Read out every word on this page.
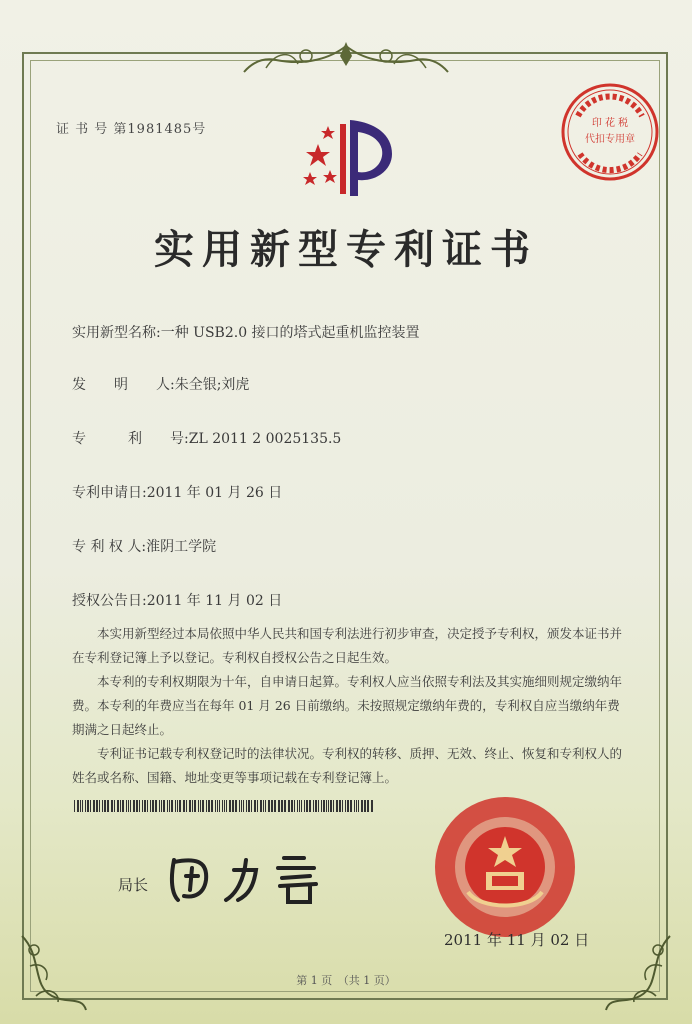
证 书 号 第1981485号	印 花 税
代扣专用章
实用新型专利证书
实用新型名称:一种 USB2.0 接口的塔式起重机监控装置
发　　明　　人:朱全银;刘虎
专　　　利　　号:ZL 2011 2 0025135.5
专利申请日:2011 年 01 月 26 日
专 利 权 人:淮阴工学院
授权公告日:2011 年 11 月 02 日

本实用新型经过本局依照中华人民共和国专利法进行初步审查，决定授予专利权，颁发本证书并在专利登记簿上予以登记。专利权自授权公告之日起生效。

本专利的专利权期限为十年，自申请日起算。专利权人应当依照专利法及其实施细则规定缴纳年费。本专利的年费应当在每年 01 月 26 日前缴纳。未按照规定缴纳年费的，专利权自应当缴纳年费期满之日起终止。

专利证书记载专利权登记时的法律状况。专利权的转移、质押、无效、终止、恢复和专利权人的姓名或名称、国籍、地址变更等事项记载在专利登记簿上。

局长
2011 年 11 月 02 日
第 1 页　（共 1 页）
